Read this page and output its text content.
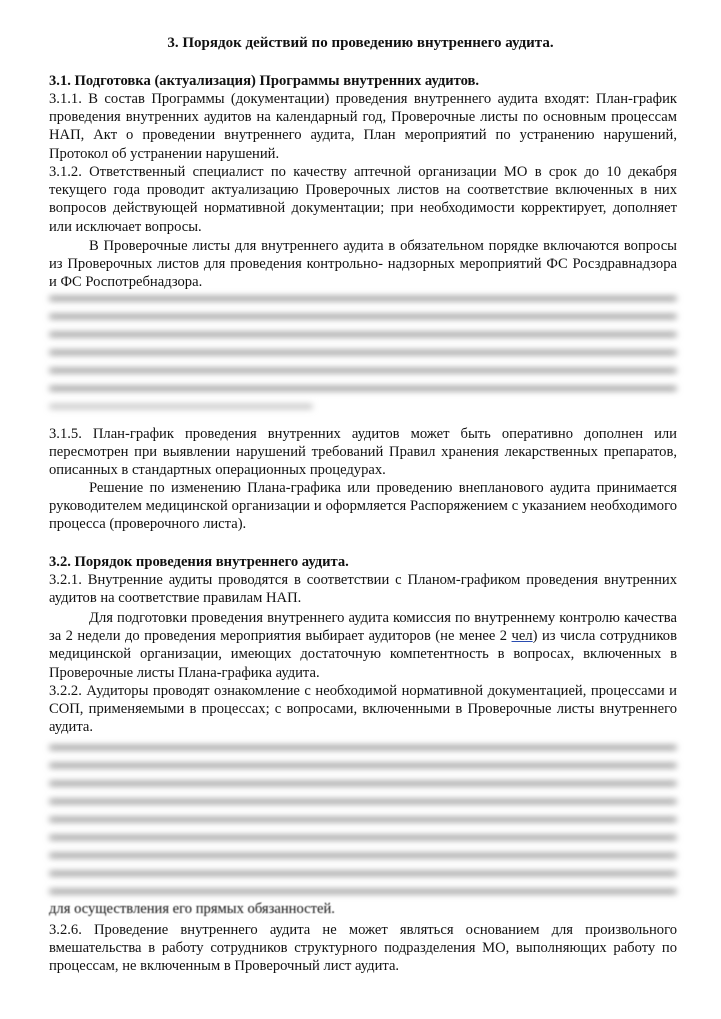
3. Порядок действий по проведению внутреннего аудита.

3.1. Подготовка (актуализация) Программы внутренних аудитов.

3.1.1. В состав Программы (документации) проведения внутреннего аудита входят: План-график проведения внутренних аудитов на календарный год, Проверочные листы по основным процессам НАП, Акт о проведении внутреннего аудита, План мероприятий по устранению нарушений, Протокол об устранении нарушений.

3.1.2. Ответственный специалист по качеству аптечной организации МО в срок до 10 декабря текущего года проводит актуализацию Проверочных листов на соответствие включенных в них вопросов действующей нормативной документации; при необходимости корректирует, дополняет или исключает вопросы.

В Проверочные листы для внутреннего аудита в обязательном порядке включаются вопросы из Проверочных листов для проведения контрольно- надзорных мероприятий ФС Росздравнадзора и ФС Роспотребнадзора.

3.1.5. План-график проведения внутренних аудитов может быть оперативно дополнен или пересмотрен при выявлении нарушений требований Правил хранения лекарственных препаратов, описанных в стандартных операционных процедурах.

Решение по изменению Плана-графика или проведению внепланового аудита принимается руководителем медицинской организации и оформляется Распоряжением с указанием необходимого процесса (проверочного листа).

3.2. Порядок проведения внутреннего аудита.

3.2.1. Внутренние аудиты проводятся в соответствии с Планом-графиком проведения внутренних аудитов на соответствие правилам НАП.

Для подготовки проведения внутреннего аудита комиссия по внутреннему контролю качества за 2 недели до проведения мероприятия выбирает аудиторов (не менее 2 чел) из числа сотрудников медицинской организации, имеющих достаточную компетентность в вопросах, включенных в Проверочные листы Плана-графика аудита.

3.2.2. Аудиторы проводят ознакомление с необходимой нормативной документацией, процессами и СОП, применяемыми в процессах; с вопросами, включенными в Проверочные листы внутреннего аудита.

для осуществления его прямых обязанностей.

3.2.6. Проведение внутреннего аудита не может являться основанием для произвольного вмешательства в работу сотрудников структурного подразделения МО, выполняющих работу по процессам, не включенным в Проверочный лист аудита.
